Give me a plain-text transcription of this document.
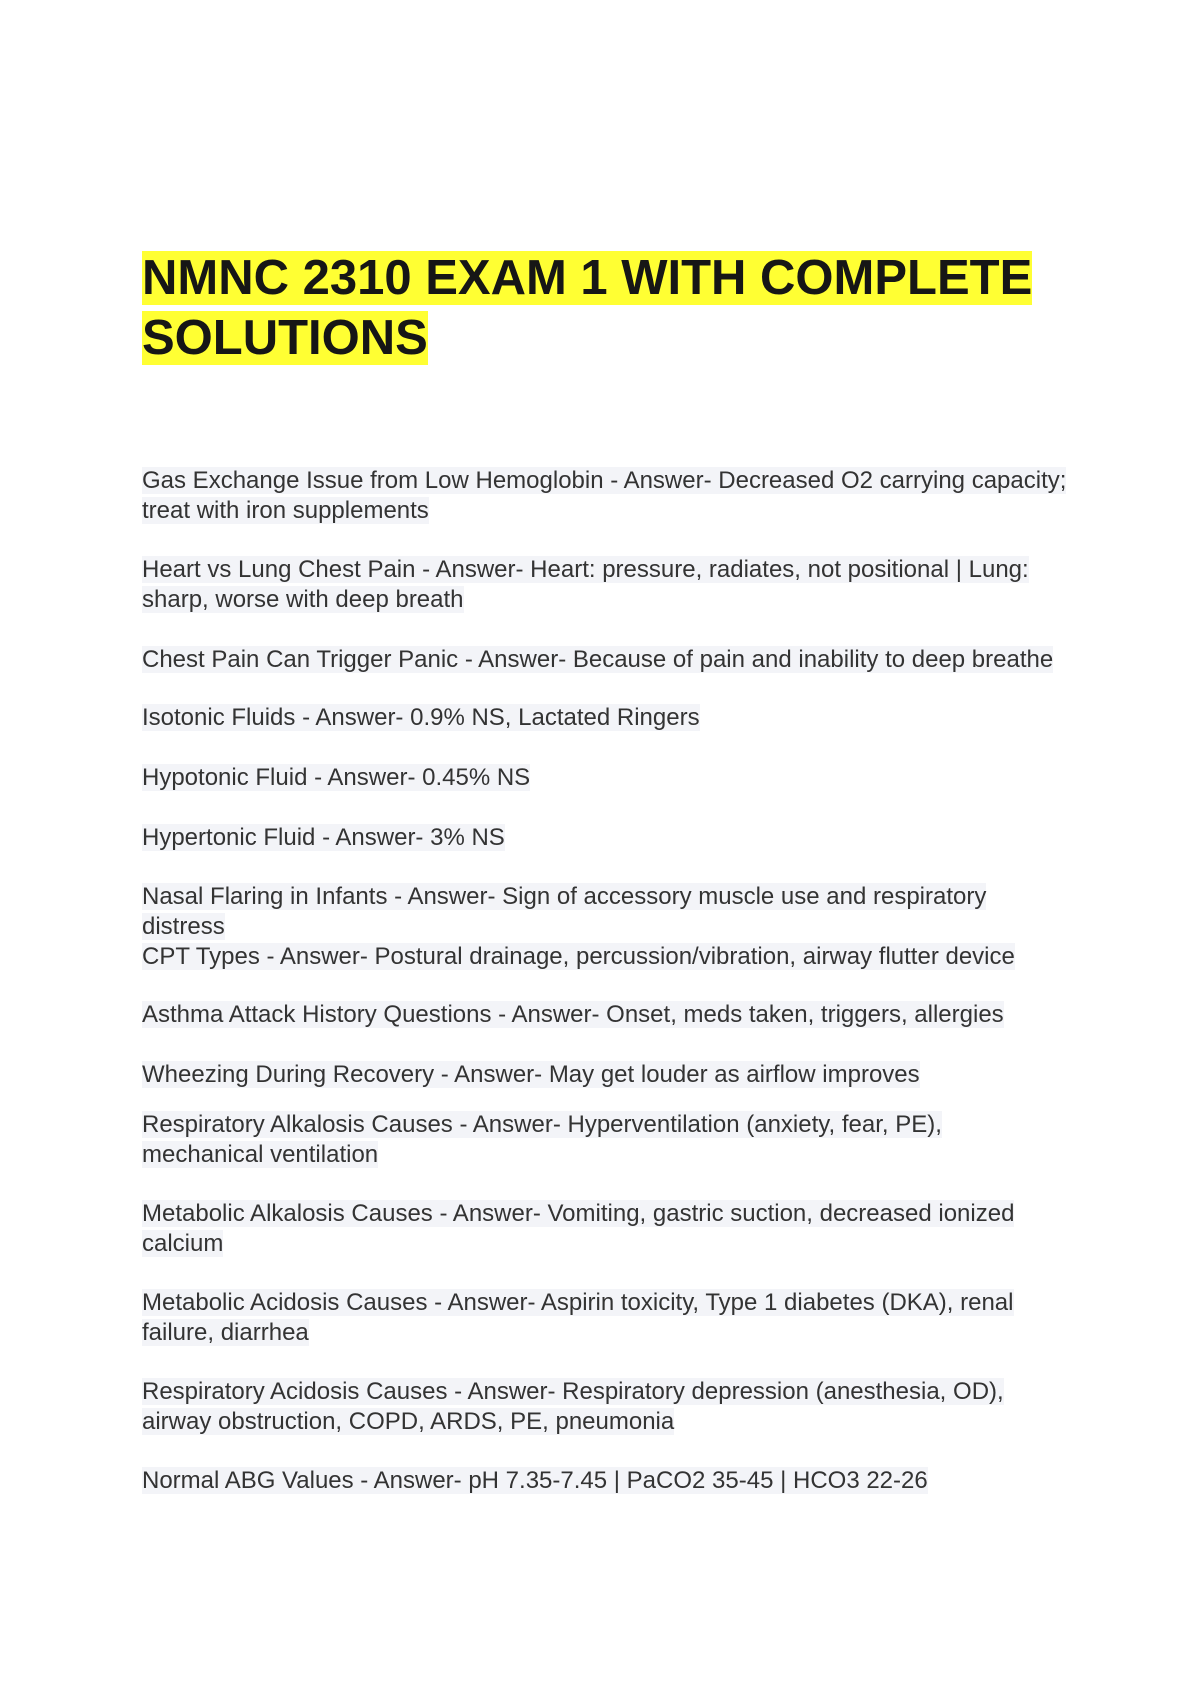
NMNC 2310 EXAM 1 WITH COMPLETE SOLUTIONS

Gas Exchange Issue from Low Hemoglobin - Answer- Decreased O2 carrying capacity; treat with iron supplements

Heart vs Lung Chest Pain - Answer- Heart: pressure, radiates, not positional | Lung: sharp, worse with deep breath

Chest Pain Can Trigger Panic - Answer- Because of pain and inability to deep breathe

Isotonic Fluids - Answer- 0.9% NS, Lactated Ringers

Hypotonic Fluid - Answer- 0.45% NS

Hypertonic Fluid - Answer- 3% NS

Nasal Flaring in Infants - Answer- Sign of accessory muscle use and respiratory distress

CPT Types - Answer- Postural drainage, percussion/vibration, airway flutter device

Asthma Attack History Questions - Answer- Onset, meds taken, triggers, allergies

Wheezing During Recovery - Answer- May get louder as airflow improves

Respiratory Alkalosis Causes - Answer- Hyperventilation (anxiety, fear, PE), mechanical ventilation

Metabolic Alkalosis Causes - Answer- Vomiting, gastric suction, decreased ionized calcium

Metabolic Acidosis Causes - Answer- Aspirin toxicity, Type 1 diabetes (DKA), renal failure, diarrhea

Respiratory Acidosis Causes - Answer- Respiratory depression (anesthesia, OD), airway obstruction, COPD, ARDS, PE, pneumonia

Normal ABG Values - Answer- pH 7.35-7.45 | PaCO2 35-45 | HCO3 22-26
